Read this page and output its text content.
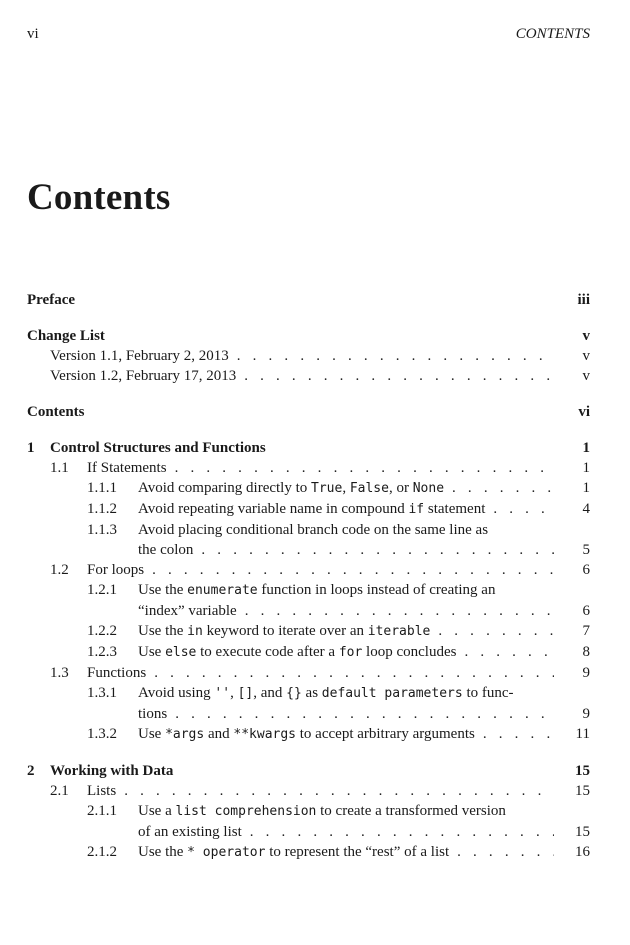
vi	CONTENTS
Contents
Preface	iii
Change List	v
Version 1.1, February 2, 2013 . . .	v
Version 1.2, February 17, 2013 . . .	v
Contents	vi
1	Control Structures and Functions	1
1.1	If Statements . . .	1
1.1.1	Avoid comparing directly to True, False, or None . . .	1
1.1.2	Avoid repeating variable name in compound if statement . . .	4
1.1.3	Avoid placing conditional branch code on the same line as
the colon . . .	5
1.2	For loops . . .	6
1.2.1	Use the enumerate function in loops instead of creating an
“index” variable . . .	6
1.2.2	Use the in keyword to iterate over an iterable . . .	7
1.2.3	Use else to execute code after a for loop concludes . . .	8
1.3	Functions . . .	9
1.3.1	Avoid using '', [], and {} as default parameters to func-
tions . . .	9
1.3.2	Use *args and **kwargs to accept arbitrary arguments . . .	11
2	Working with Data	15
2.1	Lists . . .	15
2.1.1	Use a list comprehension to create a transformed version
of an existing list . . .	15
2.1.2	Use the * operator to represent the “rest” of a list . . .	16
